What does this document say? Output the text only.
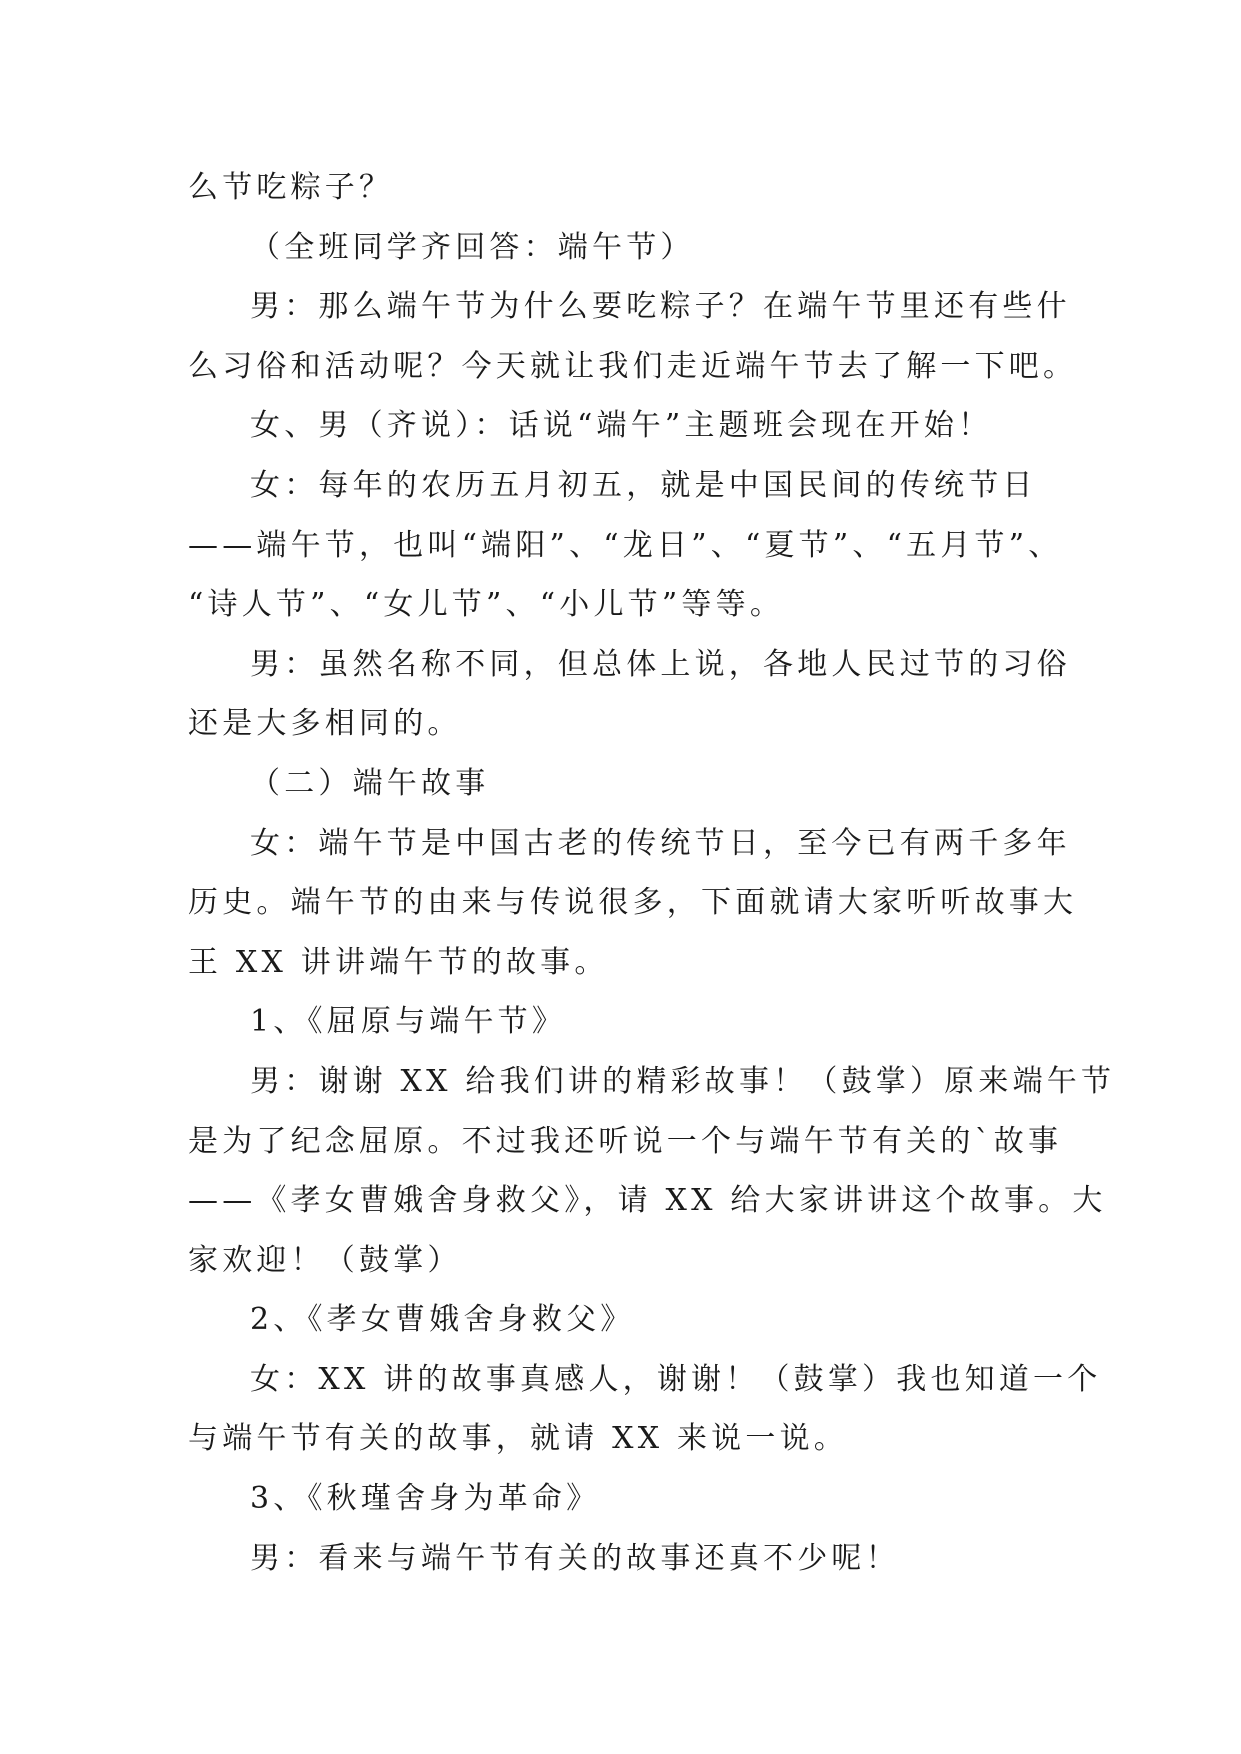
么节吃粽子？
（全班同学齐回答：端午节）
男：那么端午节为什么要吃粽子？在端午节里还有些什
么习俗和活动呢？今天就让我们走近端午节去了解一下吧。
女、男（齐说）：话说“端午”主题班会现在开始！
女：每年的农历五月初五，就是中国民间的传统节日
——端午节，也叫“端阳”、“龙日”、“夏节”、“五月节”、
“诗人节”、“女儿节”、“小儿节”等等。
男：虽然名称不同，但总体上说，各地人民过节的习俗
还是大多相同的。
（二）端午故事
女：端午节是中国古老的传统节日，至今已有两千多年
历史。端午节的由来与传说很多，下面就请大家听听故事大
王 XX 讲讲端午节的故事。
1、《屈原与端午节》
男：谢谢 XX 给我们讲的精彩故事！（鼓掌）原来端午节
是为了纪念屈原。不过我还听说一个与端午节有关的`故事
——《孝女曹娥舍身救父》，请 XX 给大家讲讲这个故事。大
家欢迎！（鼓掌）
2、《孝女曹娥舍身救父》
女：XX 讲的故事真感人，谢谢！（鼓掌）我也知道一个
与端午节有关的故事，就请 XX 来说一说。
3、《秋瑾舍身为革命》
男：看来与端午节有关的故事还真不少呢！
